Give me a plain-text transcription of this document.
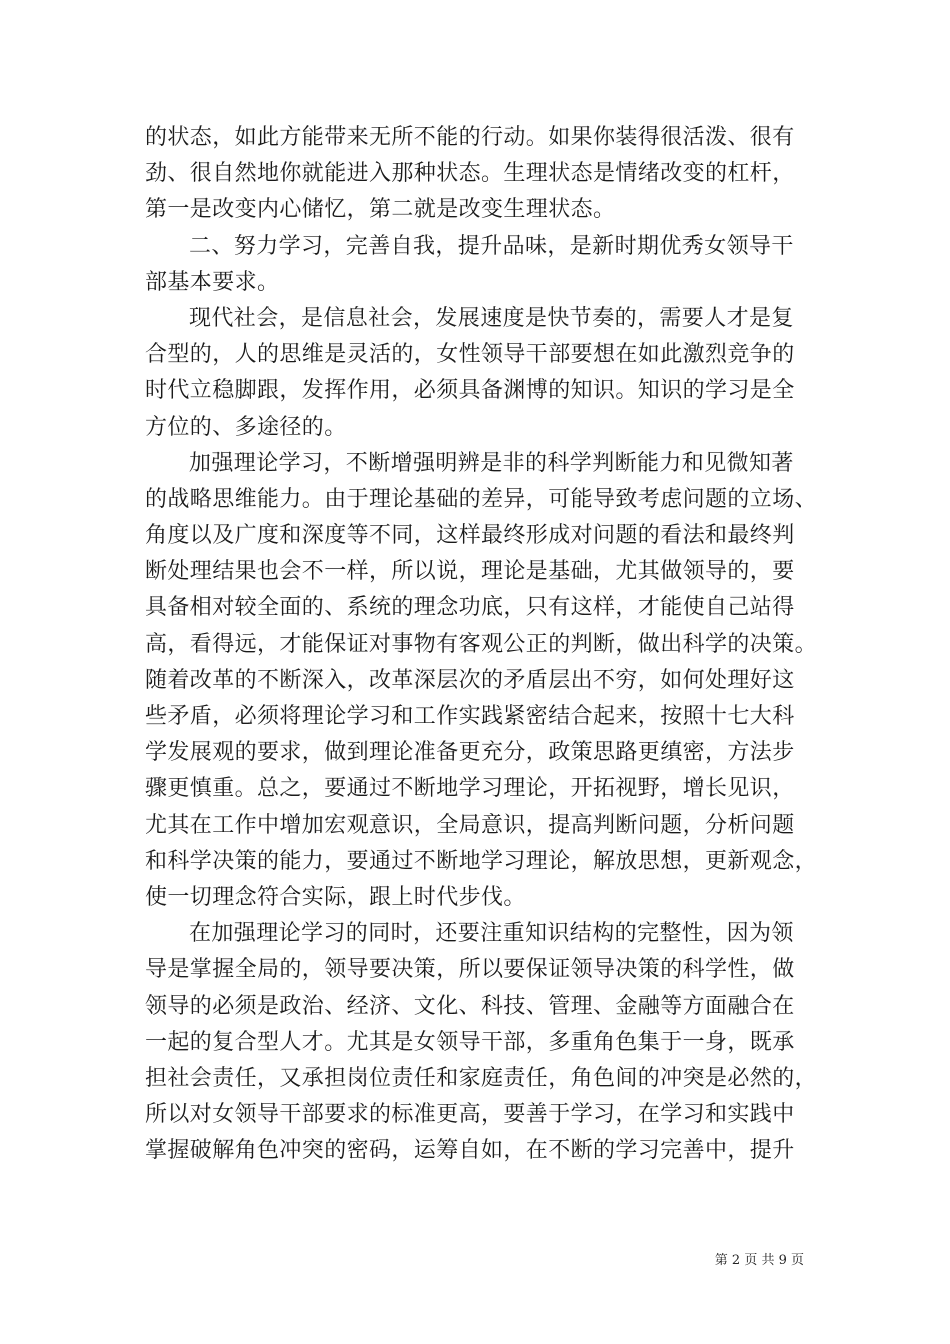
的状态，如此方能带来无所不能的行动。如果你装得很活泼、很有
劲、很自然地你就能进入那种状态。生理状态是情绪改变的杠杆，
第一是改变内心储忆，第二就是改变生理状态。
二、努力学习，完善自我，提升品味，是新时期优秀女领导干
部基本要求。
现代社会，是信息社会，发展速度是快节奏的，需要人才是复
合型的，人的思维是灵活的，女性领导干部要想在如此激烈竞争的
时代立稳脚跟，发挥作用，必须具备渊博的知识。知识的学习是全
方位的、多途径的。
加强理论学习，不断增强明辨是非的科学判断能力和见微知著
的战略思维能力。由于理论基础的差异，可能导致考虑问题的立场、
角度以及广度和深度等不同，这样最终形成对问题的看法和最终判
断处理结果也会不一样，所以说，理论是基础，尤其做领导的，要
具备相对较全面的、系统的理念功底，只有这样，才能使自己站得
高，看得远，才能保证对事物有客观公正的判断，做出科学的决策。
随着改革的不断深入，改革深层次的矛盾层出不穷，如何处理好这
些矛盾，必须将理论学习和工作实践紧密结合起来，按照十七大科
学发展观的要求，做到理论准备更充分，政策思路更缜密，方法步
骤更慎重。总之，要通过不断地学习理论，开拓视野，增长见识，
尤其在工作中增加宏观意识，全局意识，提高判断问题，分析问题
和科学决策的能力，要通过不断地学习理论，解放思想，更新观念，
使一切理念符合实际，跟上时代步伐。
在加强理论学习的同时，还要注重知识结构的完整性，因为领
导是掌握全局的，领导要决策，所以要保证领导决策的科学性，做
领导的必须是政治、经济、文化、科技、管理、金融等方面融合在
一起的复合型人才。尤其是女领导干部，多重角色集于一身，既承
担社会责任，又承担岗位责任和家庭责任，角色间的冲突是必然的，
所以对女领导干部要求的标准更高，要善于学习，在学习和实践中
掌握破解角色冲突的密码，运筹自如，在不断的学习完善中，提升
第 2 页 共 9 页
